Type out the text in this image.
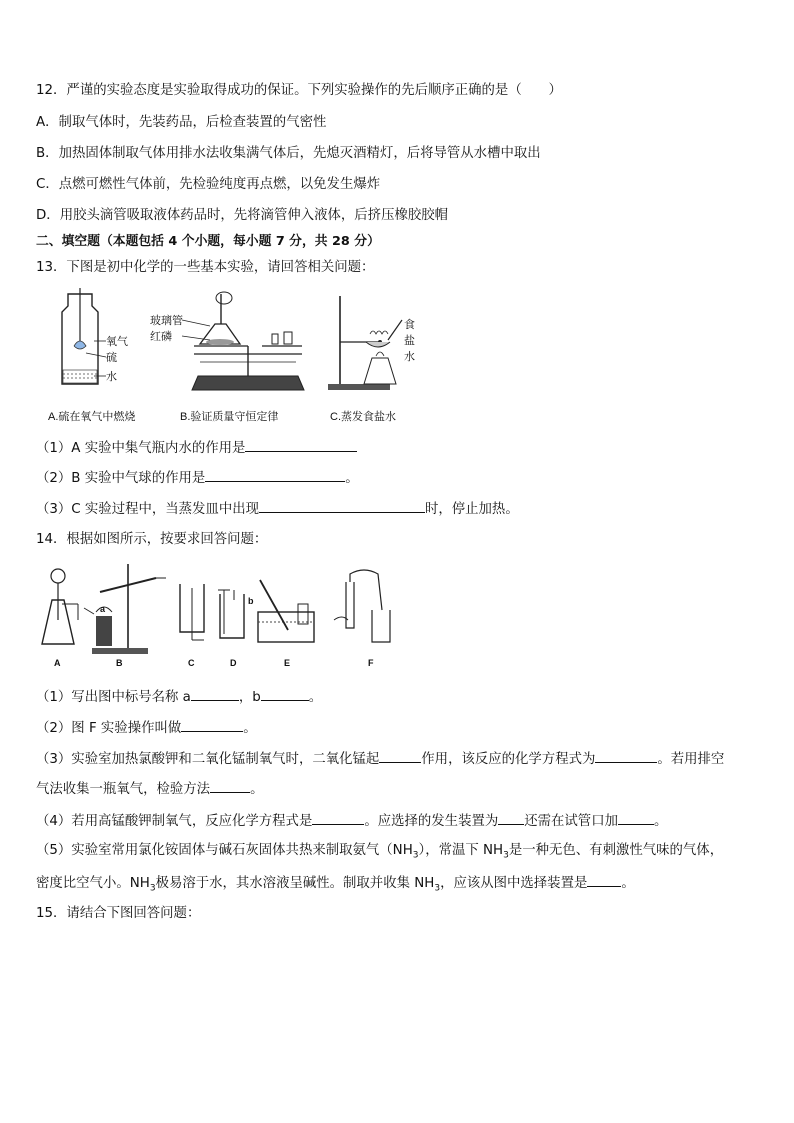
12．严谨的实验态度是实验取得成功的保证。下列实验操作的先后顺序正确的是（　　）
A．制取气体时，先装药品，后检查装置的气密性
B．加热固体制取气体用排水法收集满气体后，先熄灭酒精灯，后将导管从水槽中取出
C．点燃可燃性气体前，先检验纯度再点燃，以免发生爆炸
D．用胶头滴管吸取液体药品时，先将滴管伸入液体，后挤压橡胶胶帽
二、填空题（本题包括 4 个小题，每小题 7 分，共 28 分）
13．下图是初中化学的一些基本实验，请回答相关问题：
氧气
硫
水
玻璃管
红磷
食
盐
水
A.硫在氧气中燃烧	B.验证质量守恒定律	C.蒸发食盐水
（1）A 实验中集气瓶内水的作用是
（2）B 实验中气球的作用是	。
（3）C 实验过程中，当蒸发皿中出现	时，停止加热。
14．根据如图所示，按要求回答问题：
a
b
A	B	C	D	E	F
（1）写出图中标号名称 a	，b	。
（2）图 F 实验操作叫做	。
（3）实验室加热氯酸钾和二氧化锰制氧气时，二氧化锰起	作用，该反应的化学方程式为	。若用排空
气法收集一瓶氧气，检验方法	。
（4）若用高锰酸钾制氧气，反应化学方程式是	。应选择的发生装置为 还需在试管口加	。
（5）实验室常用氯化铵固体与碱石灰固体共热来制取氨气$(NH_3)$，常温下 $NH_3$是一种无色、有刺激性气味的气体，
密度比空气小。$NH_3$极易溶于水，其水溶液呈碱性。制取并收集 $NH_3$，应该从图中选择装置是	。
15．请结合下图回答问题：
